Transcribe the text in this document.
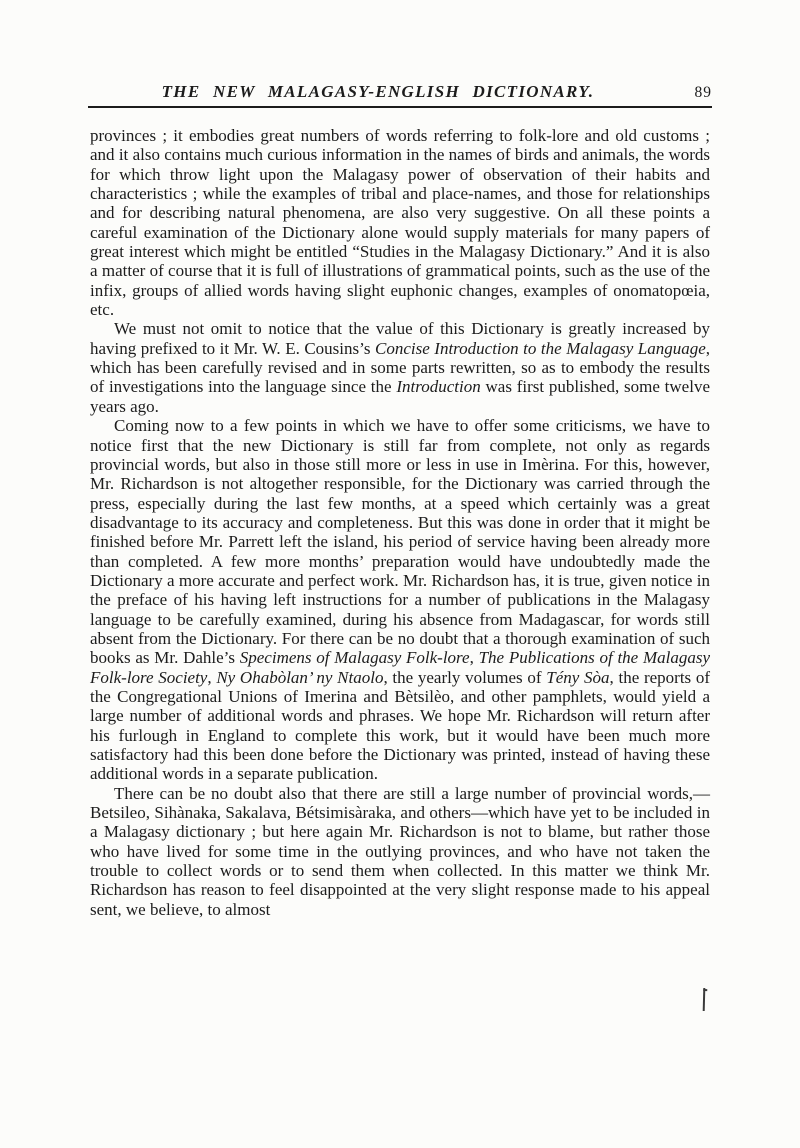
THE NEW MALAGASY-ENGLISH DICTIONARY.	89

provinces ; it embodies great numbers of words referring to folk-lore and old customs ; and it also contains much curious information in the names of birds and animals, the words for which throw light upon the Malagasy power of observation of their habits and characteristics ; while the examples of tribal and place-names, and those for relationships and for describing natural phenomena, are also very suggestive. On all these points a careful examination of the Dictionary alone would supply materials for many papers of great interest which might be entitled “Studies in the Malagasy Dictionary.” And it is also a matter of course that it is full of illustrations of grammatical points, such as the use of the infix, groups of allied words having slight euphonic changes, examples of onomatopœia, etc.

We must not omit to notice that the value of this Dictionary is greatly increased by having prefixed to it Mr. W. E. Cousins’s Concise Introduction to the Malagasy Language, which has been carefully revised and in some parts rewritten, so as to embody the results of investigations into the language since the Introduction was first published, some twelve years ago.

Coming now to a few points in which we have to offer some criticisms, we have to notice first that the new Dictionary is still far from complete, not only as regards provincial words, but also in those still more or less in use in Imèrina. For this, however, Mr. Richardson is not altogether responsible, for the Dictionary was carried through the press, especially during the last few months, at a speed which certainly was a great disadvantage to its accuracy and completeness. But this was done in order that it might be finished before Mr. Parrett left the island, his period of service having been already more than completed. A few more months’ preparation would have undoubtedly made the Dictionary a more accurate and perfect work. Mr. Richardson has, it is true, given notice in the preface of his having left instructions for a number of publications in the Malagasy language to be carefully examined, during his absence from Madagascar, for words still absent from the Dictionary. For there can be no doubt that a thorough examination of such books as Mr. Dahle’s Specimens of Malagasy Folk-lore, The Publications of the Malagasy Folk-lore Society, Ny Ohabòlan’ ny Ntaolo, the yearly volumes of Tény Sòa, the reports of the Congregational Unions of Imerina and Bètsilèo, and other pamphlets, would yield a large number of additional words and phrases. We hope Mr. Richardson will return after his furlough in England to complete this work, but it would have been much more satisfactory had this been done before the Dictionary was printed, instead of having these additional words in a separate publication.

There can be no doubt also that there are still a large number of provincial words,—Betsileo, Sihànaka, Sakalava, Bétsimisàraka, and others—which have yet to be included in a Malagasy dictionary ; but here again Mr. Richardson is not to blame, but rather those who have lived for some time in the outlying provinces, and who have not taken the trouble to collect words or to send them when collected. In this matter we think Mr. Richardson has reason to feel disappointed at the very slight response made to his appeal sent, we believe, to almost
